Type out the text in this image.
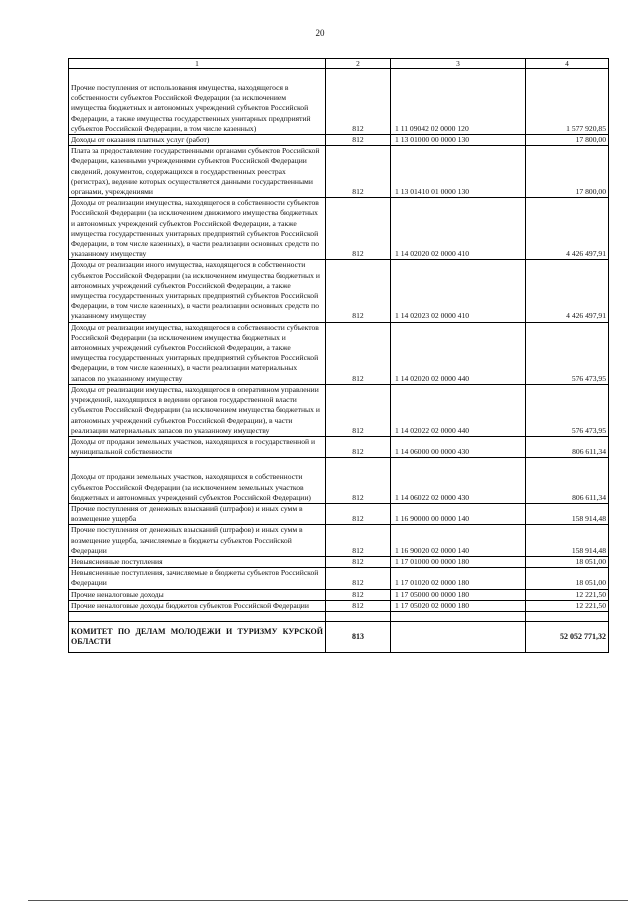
20
1	2	3	4
Прочие поступления от использования имущества, находящегося в собственности субъектов Российской Федерации (за исключением имущества бюджетных и автономных учреждений субъектов Российской Федерации, а также имущества государственных унитарных предприятий субъектов Российской Федерации, в том числе казенных)	812	1 11 09042 02 0000 120	1 577 920,85
Доходы от оказания платных услуг (работ)	812	1 13 01000 00 0000 130	17 800,00
Плата за предоставление государственными органами субъектов Российской Федерации, казенными учреждениями субъектов Российской Федерации сведений, документов, содержащихся в государственных реестрах (регистрах), ведение которых осуществляется данными государственными органами, учреждениями	812	1 13 01410 01 0000 130	17 800,00
Доходы от реализации имущества, находящегося в собственности субъектов Российской Федерации (за исключением движимого имущества бюджетных и автономных учреждений субъектов Российской Федерации, а также имущества государственных унитарных предприятий субъектов Российской Федерации, в том числе казенных), в части реализации основных средств по указанному имуществу	812	1 14 02020 02 0000 410	4 426 497,91
Доходы от реализации иного имущества, находящегося в собственности субъектов Российской Федерации (за исключением имущества бюджетных и автономных учреждений субъектов Российской Федерации, а также имущества государственных унитарных предприятий субъектов Российской Федерации, в том числе казенных), в части реализации основных средств по указанному имуществу	812	1 14 02023 02 0000 410	4 426 497,91
Доходы от реализации имущества, находящегося в собственности субъектов Российской Федерации (за исключением имущества бюджетных и автономных учреждений субъектов Российской Федерации, а также имущества государственных унитарных предприятий субъектов Российской Федерации, в том числе казенных), в части реализации материальных запасов по указанному имуществу	812	1 14 02020 02 0000 440	576 473,95
Доходы от реализации имущества, находящегося в оперативном управлении учреждений, находящихся в ведении органов государственной власти субъектов Российской Федерации (за исключением имущества бюджетных и автономных учреждений субъектов Российской Федерации), в части реализации материальных запасов по указанному имуществу	812	1 14 02022 02 0000 440	576 473,95
Доходы от продажи земельных участков, находящихся в государственной и муниципальной собственности	812	1 14 06000 00 0000 430	806 611,34
Доходы от продажи земельных участков, находящихся в собственности субъектов Российской Федерации (за исключением земельных участков бюджетных и автономных учреждений субъектов Российской Федерации)	812	1 14 06022 02 0000 430	806 611,34
Прочие поступления от денежных взысканий (штрафов) и иных сумм в возмещение ущерба	812	1 16 90000 00 0000 140	158 914,48
Прочие поступления от денежных взысканий (штрафов) и иных сумм в возмещение ущерба, зачисляемые в бюджеты субъектов Российской Федерации	812	1 16 90020 02 0000 140	158 914,48
Невыясненные поступления	812	1 17 01000 00 0000 180	18 051,00
Невыясненные поступления, зачисляемые в бюджеты субъектов Российской Федерации	812	1 17 01020 02 0000 180	18 051,00
Прочие неналоговые доходы	812	1 17 05000 00 0000 180	12 221,50
Прочие неналоговые доходы бюджетов субъектов Российской Федерации	812	1 17 05020 02 0000 180	12 221,50

КОМИТЕТ ПО ДЕЛАМ МОЛОДЕЖИ И ТУРИЗМУ КУРСКОЙ ОБЛАСТИ	813		52 052 771,32
